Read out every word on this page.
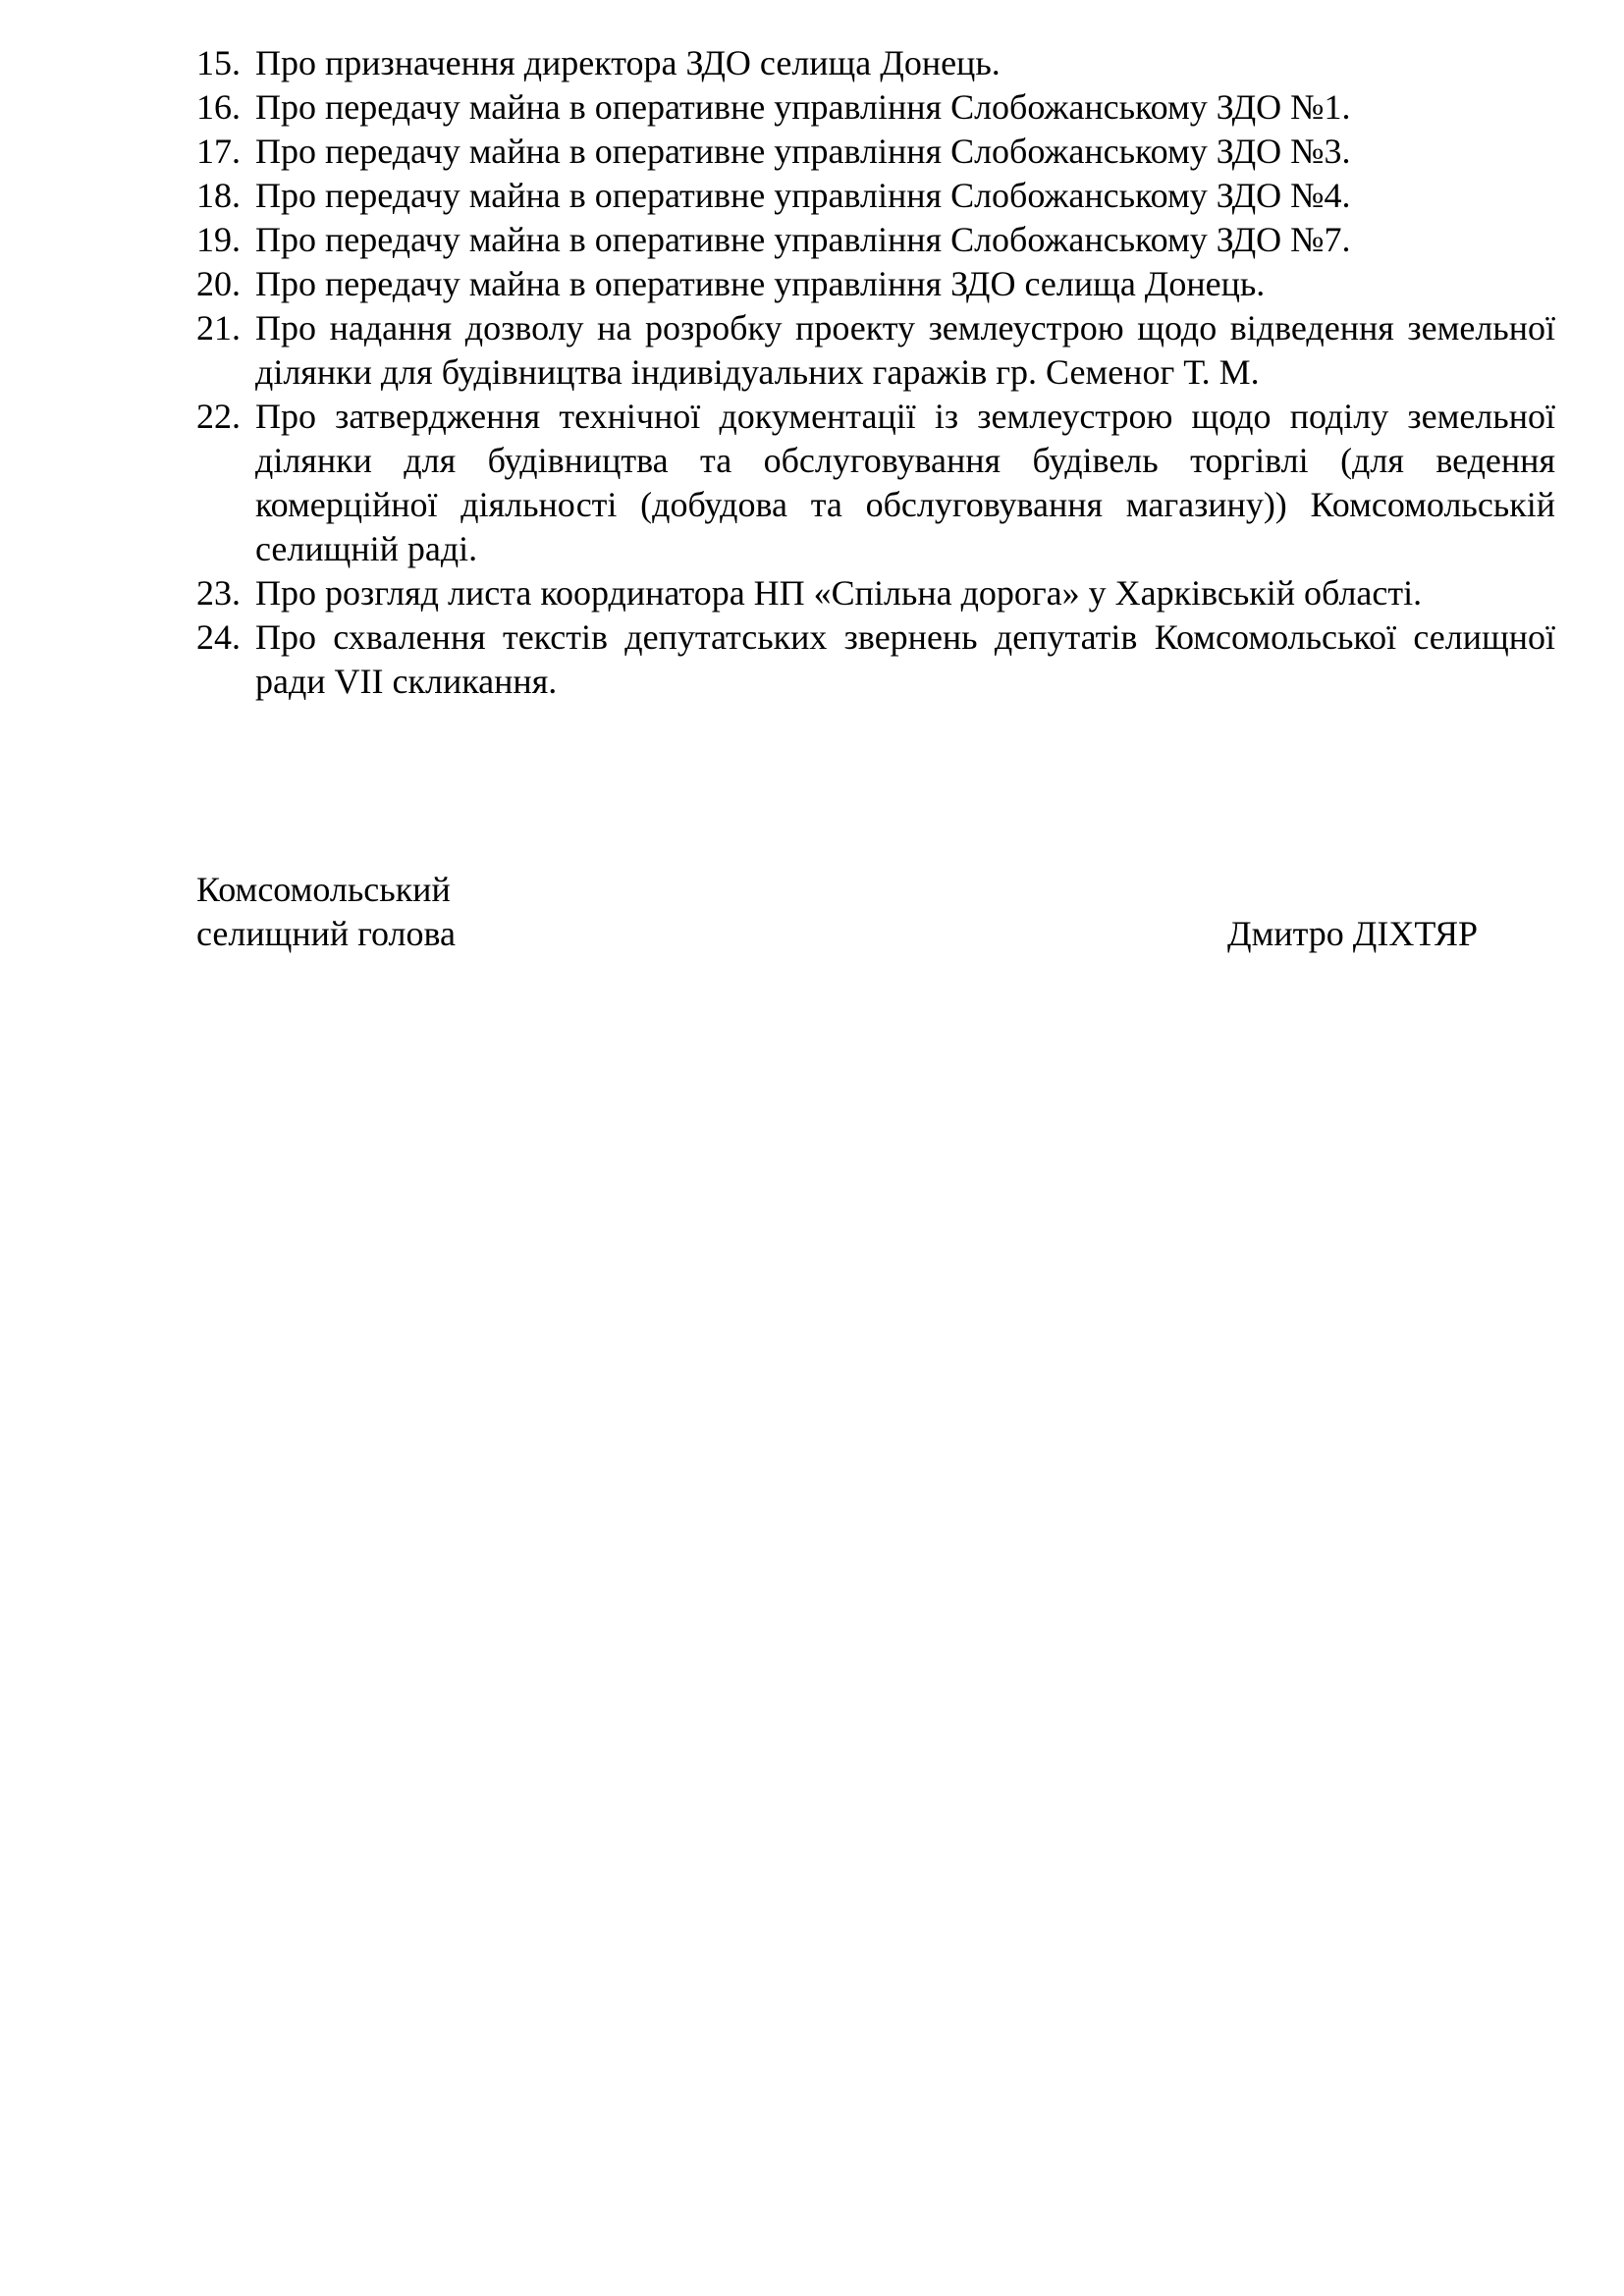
15. Про призначення директора ЗДО селища Донець.
16. Про передачу майна в оперативне управління Слобожанському ЗДО №1.
17. Про передачу майна в оперативне управління Слобожанському ЗДО №3.
18. Про передачу майна в оперативне управління Слобожанському ЗДО №4.
19. Про передачу майна в оперативне управління Слобожанському ЗДО №7.
20. Про передачу майна в оперативне управління ЗДО селища Донець.
21. Про надання дозволу на розробку проекту землеустрою щодо відведення земельної ділянки для будівництва індивідуальних гаражів гр. Семеног Т. М.
22. Про затвердження технічної документації із землеустрою щодо поділу земельної ділянки для будівництва та обслуговування будівель торгівлі (для ведення комерційної діяльності (добудова та обслуговування магазину)) Комсомольській селищній раді.
23. Про розгляд листа координатора НП «Спільна дорога» у Харківській області.
24. Про схвалення текстів депутатських звернень депутатів Комсомольської селищної ради VII скликання.
Комсомольський
селищний голова	Дмитро ДІХТЯР
